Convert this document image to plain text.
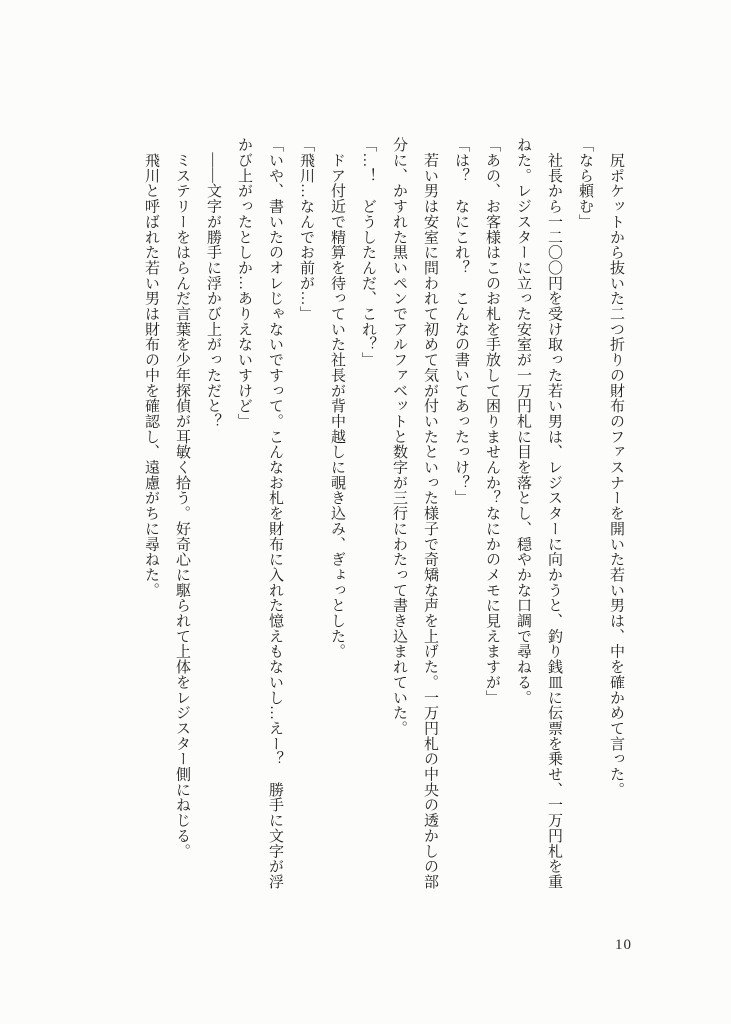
　尻ポケットから抜いた二つ折りの財布のファスナーを開いた若い男は、中を確かめて言った。

「なら頼む」

　社長から一二〇〇円を受け取った若い男は、レジスターに向かうと、釣り銭皿に伝票を乗せ、一万円札を重ねた。レジスターに立った安室が一万円札に目を落とし、穏やかな口調で尋ねる。

「あの、お客様はこのお札を手放して困りませんか？なにかのメモに見えますが」

「は？　なにこれ？　こんなの書いてあったっけ？」

　若い男は安室に問われて初めて気が付いたといった様子で奇矯な声を上げた。一万円札の中央の透かしの部分に、かすれた黒いペンでアルファベットと数字が三行にわたって書き込まれていた。

「…！　どうしたんだ、これ？」

　ドア付近で精算を待っていた社長が背中越しに覗き込み、ぎょっとした。

「飛川…なんでお前が…」

「いや、書いたのオレじゃないですって。こんなお札を財布に入れた憶えもないし…えー？　勝手に文字が浮かび上がったとしか…ありえないすけど」

　――文字が勝手に浮かび上がっただと？

　ミステリーをはらんだ言葉を少年探偵が耳敏く拾う。好奇心に駆られて上体をレジスター側にねじる。

　飛川と呼ばれた若い男は財布の中を確認し、遠慮がちに尋ねた。

10
